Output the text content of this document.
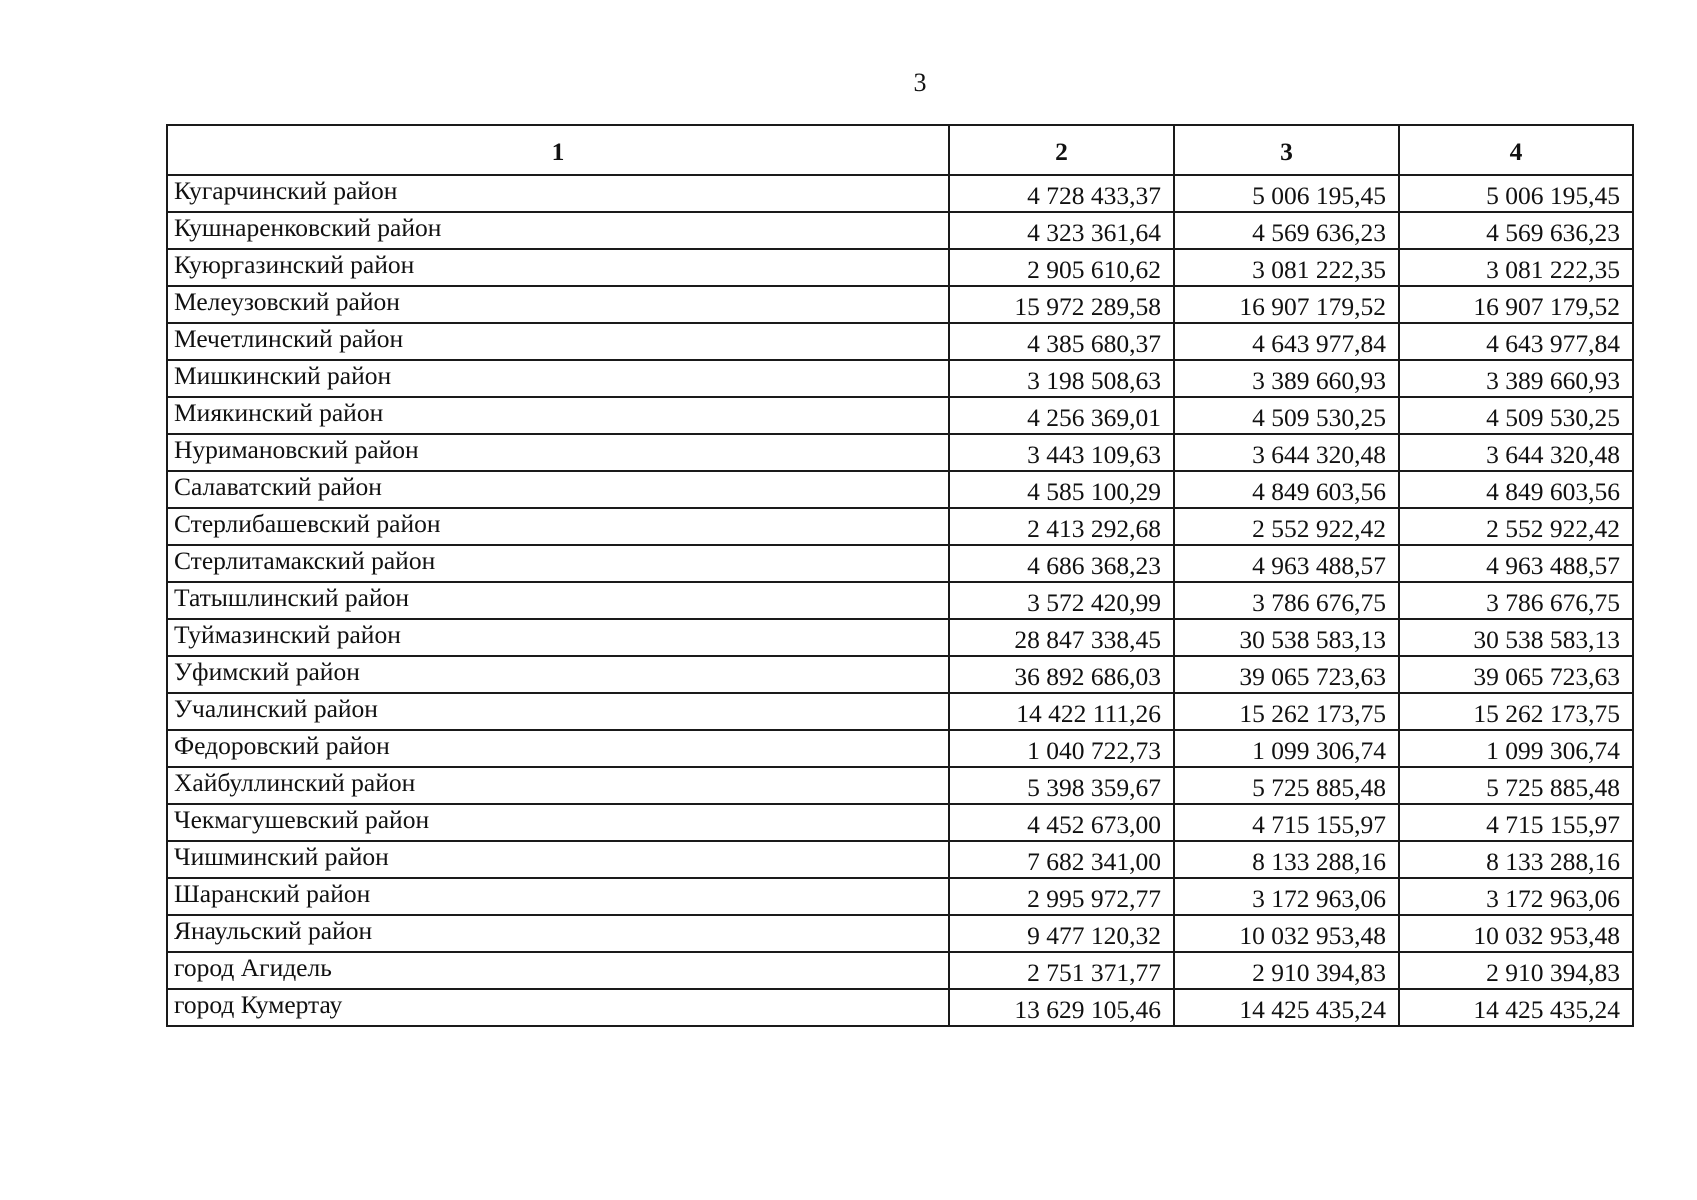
3
1	2	3	4
Кугарчинский район	4 728 433,37	5 006 195,45	5 006 195,45
Кушнаренковский район	4 323 361,64	4 569 636,23	4 569 636,23
Куюргазинский район	2 905 610,62	3 081 222,35	3 081 222,35
Мелеузовский район	15 972 289,58	16 907 179,52	16 907 179,52
Мечетлинский район	4 385 680,37	4 643 977,84	4 643 977,84
Мишкинский район	3 198 508,63	3 389 660,93	3 389 660,93
Миякинский район	4 256 369,01	4 509 530,25	4 509 530,25
Нуримановский район	3 443 109,63	3 644 320,48	3 644 320,48
Салаватский район	4 585 100,29	4 849 603,56	4 849 603,56
Стерлибашевский район	2 413 292,68	2 552 922,42	2 552 922,42
Стерлитамакский район	4 686 368,23	4 963 488,57	4 963 488,57
Татышлинский район	3 572 420,99	3 786 676,75	3 786 676,75
Туймазинский район	28 847 338,45	30 538 583,13	30 538 583,13
Уфимский район	36 892 686,03	39 065 723,63	39 065 723,63
Учалинский район	14 422 111,26	15 262 173,75	15 262 173,75
Федоровский район	1 040 722,73	1 099 306,74	1 099 306,74
Хайбуллинский район	5 398 359,67	5 725 885,48	5 725 885,48
Чекмагушевский район	4 452 673,00	4 715 155,97	4 715 155,97
Чишминский район	7 682 341,00	8 133 288,16	8 133 288,16
Шаранский район	2 995 972,77	3 172 963,06	3 172 963,06
Янаульский район	9 477 120,32	10 032 953,48	10 032 953,48
город Агидель	2 751 371,77	2 910 394,83	2 910 394,83
город Кумертау	13 629 105,46	14 425 435,24	14 425 435,24
